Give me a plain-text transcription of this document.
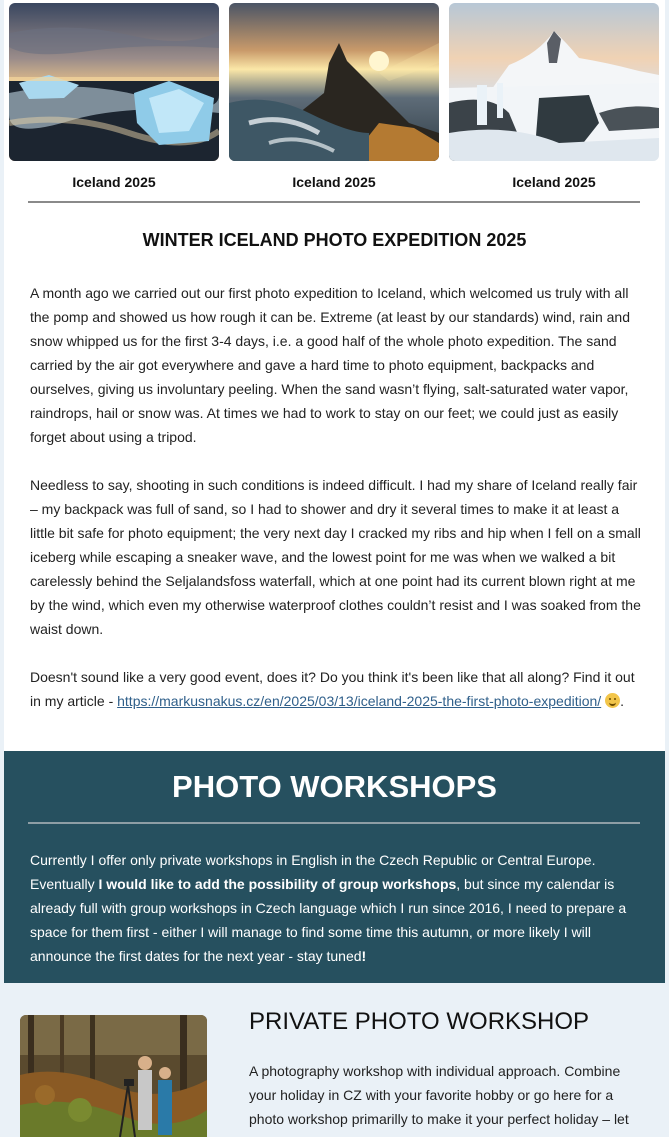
Iceland 2025	Iceland 2025	Iceland 2025
WINTER ICELAND PHOTO EXPEDITION 2025
A month ago we carried out our first photo expedition to Iceland, which welcomed us truly with all the pomp and showed us how rough it can be. Extreme (at least by our standards) wind, rain and snow whipped us for the first 3-4 days, i.e. a good half of the whole photo expedition. The sand carried by the air got everywhere and gave a hard time to photo equipment, backpacks and ourselves, giving us involuntary peeling. When the sand wasn’t flying, salt-saturated water vapor, raindrops, hail or snow was. At times we had to work to stay on our feet; we could just as easily forget about using a tripod.
Needless to say, shooting in such conditions is indeed difficult. I had my share of Iceland really fair – my backpack was full of sand, so I had to shower and dry it several times to make it at least a little bit safe for photo equipment; the very next day I cracked my ribs and hip when I fell on a small iceberg while escaping a sneaker wave, and the lowest point for me was when we walked a bit carelessly behind the Seljalandsfoss waterfall, which at one point had its current blown right at me by the wind, which even my otherwise waterproof clothes couldn’t resist and I was soaked from the waist down.
Doesn't sound like a very good event, does it? Do you think it's been like that all along? Find it out in my article - https://markusnakus.cz/en/2025/03/13/iceland-2025-the-first-photo-expedition/ .
PHOTO WORKSHOPS
Currently I offer only private workshops in English in the Czech Republic or Central Europe. Eventually I would like to add the possibility of group workshops, but since my calendar is already full with group workshops in Czech language which I run since 2016, I need to prepare a space for them first - either I will manage to find some time this autumn, or more likely I will announce the first dates for the next year - stay tuned!
PRIVATE PHOTO WORKSHOP
A photography workshop with individual approach. Combine your holiday in CZ with your favorite hobby or go here for a photo workshop primarilly to make it your perfect holiday – let
